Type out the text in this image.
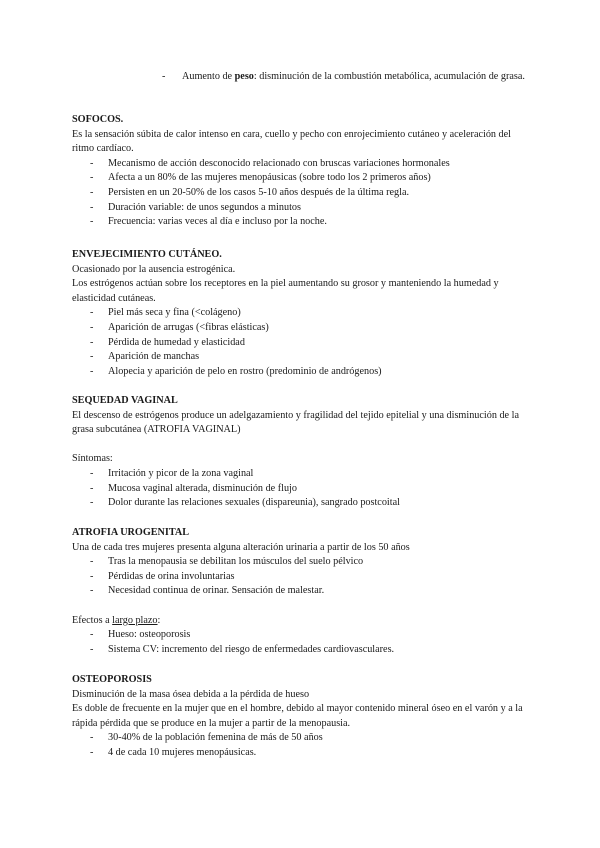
- Aumento de peso: disminución de la combustión metabólica, acumulación de grasa.

SOFOCOS.

Es la sensación súbita de calor intenso en cara, cuello y pecho con enrojecimiento cutáneo y aceleración del ritmo cardíaco.

- Mecanismo de acción desconocido relacionado con bruscas variaciones hormonales
- Afecta a un 80% de las mujeres menopáusicas (sobre todo los 2 primeros años)
- Persisten en un 20-50% de los casos 5-10 años después de la última regla.
- Duración variable: de unos segundos a minutos
- Frecuencia: varias veces al día e incluso por la noche.

ENVEJECIMIENTO CUTÁNEO.

Ocasionado por la ausencia estrogénica.

Los estrógenos actúan sobre los receptores en la piel aumentando su grosor y manteniendo la humedad y elasticidad cutáneas.

- Piel más seca y fina (<colágeno)
- Aparición de arrugas (<fibras elásticas)
- Pérdida de humedad y elasticidad
- Aparición de manchas
- Alopecia y aparición de pelo en rostro (predominio de andrógenos)

SEQUEDAD VAGINAL

El descenso de estrógenos produce un adelgazamiento y fragilidad del tejido epitelial y una disminución de la grasa subcutánea (ATROFIA VAGINAL)

Síntomas:

- Irritación y picor de la zona vaginal
- Mucosa vaginal alterada, disminución de flujo
- Dolor durante las relaciones sexuales (dispareunia), sangrado postcoital

ATROFIA UROGENITAL

Una de cada tres mujeres presenta alguna alteración urinaria a partir de los 50 años

- Tras la menopausia se debilitan los músculos del suelo pélvico
- Pérdidas de orina involuntarias
- Necesidad continua de orinar. Sensación de malestar.

Efectos a largo plazo:

- Hueso: osteoporosis
- Sistema CV: incremento del riesgo de enfermedades cardiovasculares.

OSTEOPOROSIS

Disminución de la masa ósea debida a la pérdida de hueso

Es doble de frecuente en la mujer que en el hombre, debido al mayor contenido mineral óseo en el varón y a la rápida pérdida que se produce en la mujer a partir de la menopausia.

- 30-40% de la población femenina de más de 50 años
- 4 de cada 10 mujeres menopáusicas.
